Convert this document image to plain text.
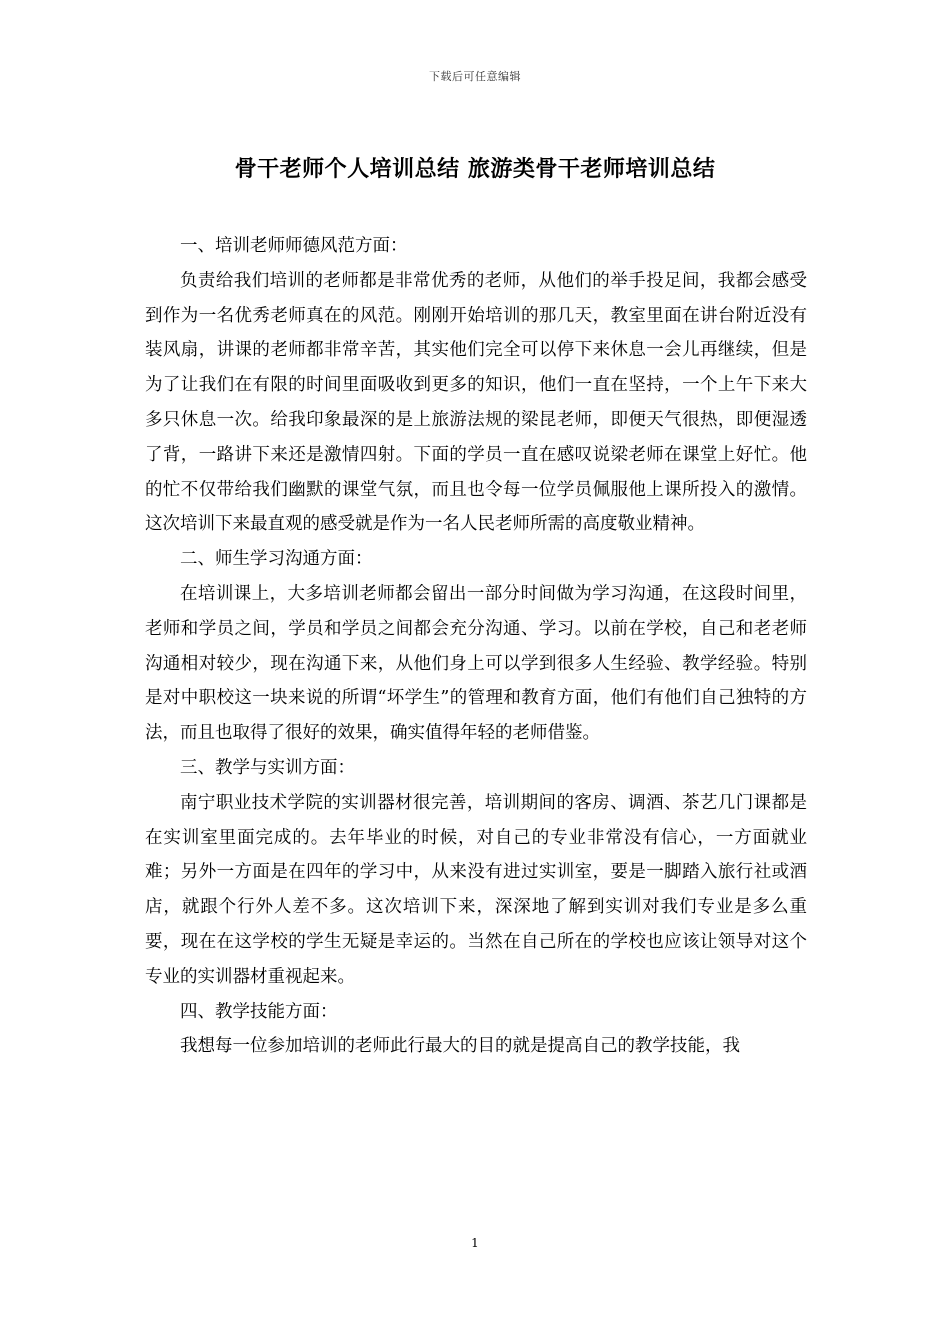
下载后可任意编辑
骨干老师个人培训总结 旅游类骨干老师培训总结

一、培训老师师德风范方面：

负责给我们培训的老师都是非常优秀的老师，从他们的举手投足间，我都会感受到作为一名优秀老师真在的风范。刚刚开始培训的那几天，教室里面在讲台附近没有装风扇，讲课的老师都非常辛苦，其实他们完全可以停下来休息一会儿再继续，但是为了让我们在有限的时间里面吸收到更多的知识，他们一直在坚持，一个上午下来大多只休息一次。给我印象最深的是上旅游法规的梁昆老师，即便天气很热，即便湿透了背，一路讲下来还是激情四射。下面的学员一直在感叹说梁老师在课堂上好忙。他的忙不仅带给我们幽默的课堂气氛，而且也令每一位学员佩服他上课所投入的激情。这次培训下来最直观的感受就是作为一名人民老师所需的高度敬业精神。

二、师生学习沟通方面：

在培训课上，大多培训老师都会留出一部分时间做为学习沟通，在这段时间里，老师和学员之间，学员和学员之间都会充分沟通、学习。以前在学校，自己和老老师沟通相对较少，现在沟通下来，从他们身上可以学到很多人生经验、教学经验。特别是对中职校这一块来说的所谓“坏学生”的管理和教育方面，他们有他们自己独特的方法，而且也取得了很好的效果，确实值得年轻的老师借鉴。

三、教学与实训方面：

南宁职业技术学院的实训器材很完善，培训期间的客房、调酒、茶艺几门课都是在实训室里面完成的。去年毕业的时候，对自己的专业非常没有信心，一方面就业难；另外一方面是在四年的学习中，从来没有进过实训室，要是一脚踏入旅行社或酒店，就跟个行外人差不多。这次培训下来，深深地了解到实训对我们专业是多么重要，现在在这学校的学生无疑是幸运的。当然在自己所在的学校也应该让领导对这个专业的实训器材重视起来。

四、教学技能方面：

我想每一位参加培训的老师此行最大的目的就是提高自己的教学技能，我

1
